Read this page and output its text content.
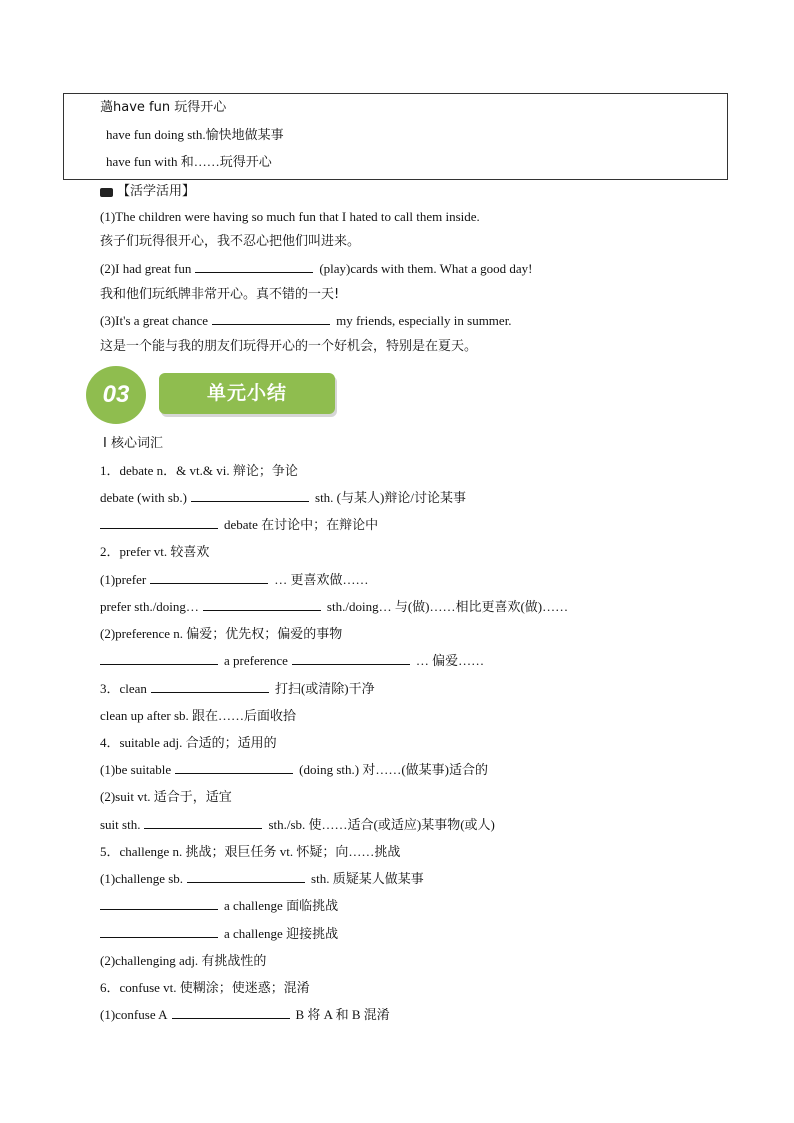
薖have fun 玩得开心
have fun doing sth.愉快地做某事
have fun with 和……玩得开心
【活学活用】
(1)The children were having so much fun that I hated to call them inside.
孩子们玩得很开心，我不忍心把他们叫进来。
(2)I had great fun	(play)cards with them. What a good day!
我和他们玩纸牌非常开心。真不错的一天!
(3)It's a great chance	my friends, especially in summer.
这是一个能与我的朋友们玩得开心的一个好机会，特别是在夏天。
03	单元小结
Ⅰ 核心词汇
1．debate n．& vt.& vi. 辩论；争论
debate (with sb.)	sth. (与某人)辩论/讨论某事
debate 在讨论中；在辩论中
2．prefer vt. 较喜欢
(1)prefer	… 更喜欢做……
prefer sth./doing…	sth./doing… 与(做)……相比更喜欢(做)……
(2)preference n. 偏爱；优先权；偏爱的事物
a preference	… 偏爱……
3．clean	打扫(或清除)干净
clean up after sb. 跟在……后面收拾
4．suitable adj. 合适的；适用的
(1)be suitable	(doing sth.) 对……(做某事)适合的
(2)suit vt. 适合于，适宜
suit sth.	sth./sb. 使……适合(或适应)某事物(或人)
5．challenge n. 挑战；艰巨任务 vt. 怀疑；向……挑战
(1)challenge sb.	sth. 质疑某人做某事
a challenge 面临挑战
a challenge 迎接挑战
(2)challenging adj. 有挑战性的
6．confuse vt. 使糊涂；使迷惑；混淆
(1)confuse A	B 将 A 和 B 混淆
